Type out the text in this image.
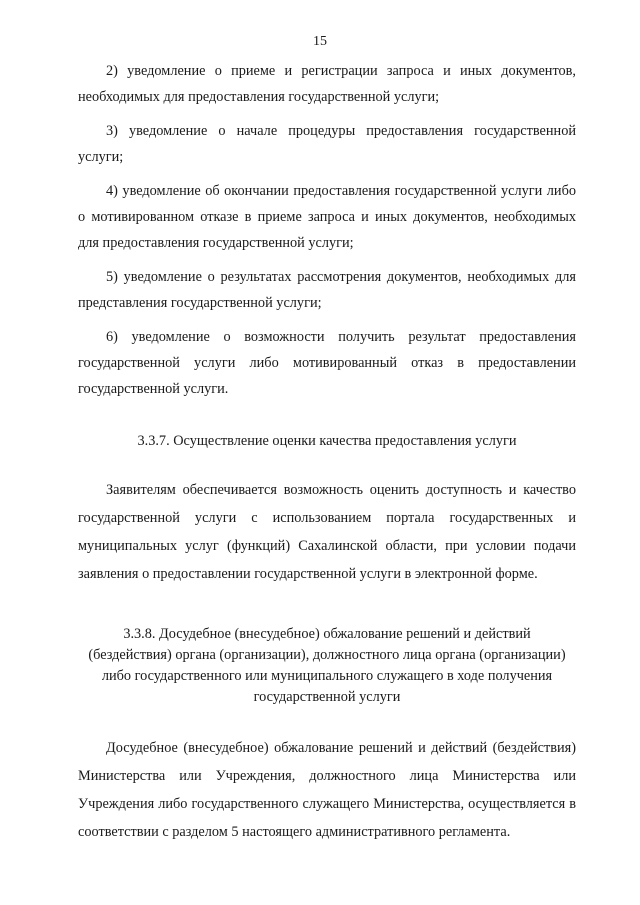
15

2) уведомление о приеме и регистрации запроса и иных документов, необходимых для предоставления государственной услуги;

3) уведомление о начале процедуры предоставления государственной услуги;

4) уведомление об окончании предоставления государственной услуги либо о мотивированном отказе в приеме запроса и иных документов, необходимых для предоставления государственной услуги;

5) уведомление о результатах рассмотрения документов, необходимых для представления государственной услуги;

6) уведомление о возможности получить результат предоставления государственной услуги либо мотивированный отказ в предоставлении государственной услуги.

3.3.7. Осуществление оценки качества предоставления услуги

Заявителям обеспечивается возможность оценить доступность и качество государственной услуги с использованием портала государственных и муниципальных услуг (функций) Сахалинской области, при условии подачи заявления о предоставлении государственной услуги в электронной форме.

3.3.8. Досудебное (внесудебное) обжалование решений и действий
(бездействия) органа (организации), должностного лица органа (организации)
либо государственного или муниципального служащего в ходе получения
государственной услуги

Досудебное (внесудебное) обжалование решений и действий (бездействия) Министерства или Учреждения, должностного лица Министерства или Учреждения либо государственного служащего Министерства, осуществляется в соответствии с разделом 5 настоящего административного регламента.
